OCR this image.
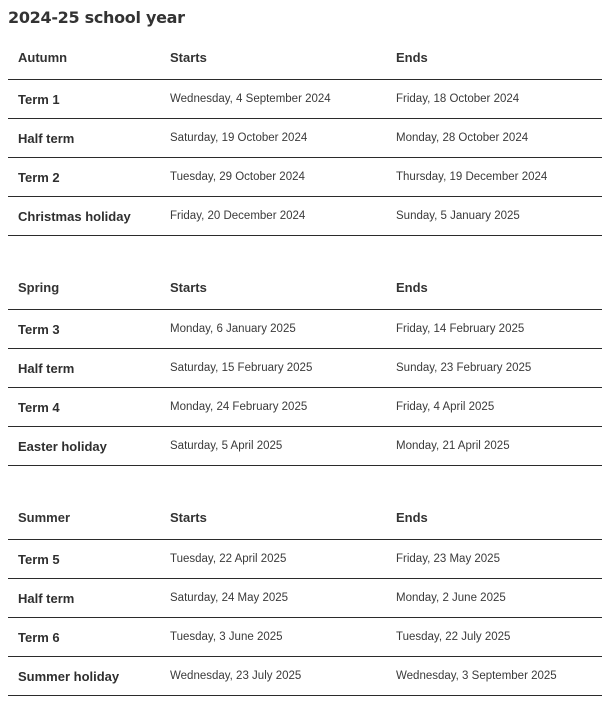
2024-25 school year
Autumn	Starts	Ends
Term 1	Wednesday, 4 September 2024	Friday, 18 October 2024
Half term	Saturday, 19 October 2024	Monday, 28 October 2024
Term 2	Tuesday, 29 October 2024	Thursday, 19 December 2024
Christmas holiday	Friday, 20 December 2024	Sunday, 5 January 2025
Spring	Starts	Ends
Term 3	Monday, 6 January 2025	Friday, 14 February 2025
Half term	Saturday, 15 February 2025	Sunday, 23 February 2025
Term 4	Monday, 24 February 2025	Friday, 4 April 2025
Easter holiday	Saturday, 5 April 2025	Monday, 21 April 2025
Summer	Starts	Ends
Term 5	Tuesday, 22 April 2025	Friday, 23 May 2025
Half term	Saturday, 24 May 2025	Monday, 2 June 2025
Term 6	Tuesday, 3 June 2025	Tuesday, 22 July 2025
Summer holiday	Wednesday, 23 July 2025	Wednesday, 3 September 2025
